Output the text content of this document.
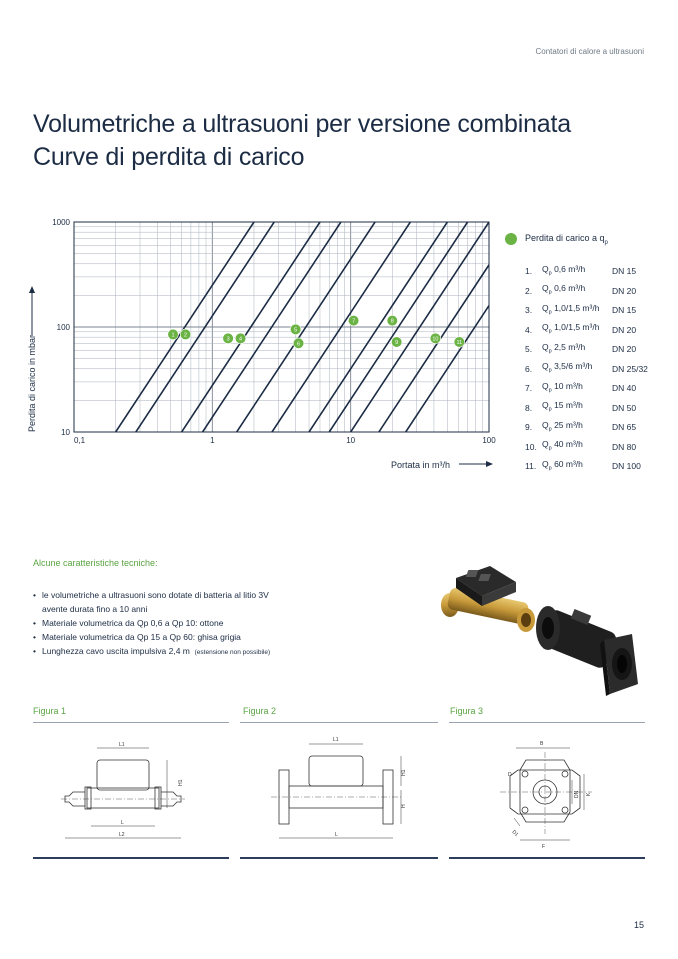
Contatori di calore a ultrasuoni
Volumetriche a ultrasuoni per versione combinata
Curve di perdita di carico
1 2
3 4
5
6
7	8
9
10
11
0,1	1	10	100
10
100
1000
Perdita di carico in mbar
Portata in m³/h
Perdita di carico a $q_p$
1.	$Q_p$ 0,6 m³/h	DN 15
2.	$Q_p$ 0,6 m³/h	DN 20
3.	$Q_p$ 1,0/1,5 m³/h	DN 15
4.	$Q_p$ 1,0/1,5 m³/h	DN 20
5.	$Q_p$ 2,5 m³/h	DN 20
6.	$Q_p$ 3,5/6 m³/h	DN 25/32
7.	$Q_p$ 10 m³/h	DN 40
8.	$Q_p$ 15 m³/h	DN 50
9.	$Q_p$ 25 m³/h	DN 65
10.	$Q_p$ 40 m³/h	DN 80
11.	$Q_p$ 60 m³/h	DN 100
Alcune caratteristiche tecniche:
• le volumetriche a ultrasuoni sono dotate di batteria al litio 3V
avente durata fino a 10 anni
• Materiale volumetrica da Qp 0,6 a Qp 10: ottone
• Materiale volumetrica da Qp 15 a Qp 60: ghisa grigia
• Lunghezza cavo uscita impulsiva 2,4 m (estensione non possibile)
Figura 1	Figura 2	Figura 3
L1
H1
L
L2
L1
H1
H
L
B
D
K
DN
D1
F
15
